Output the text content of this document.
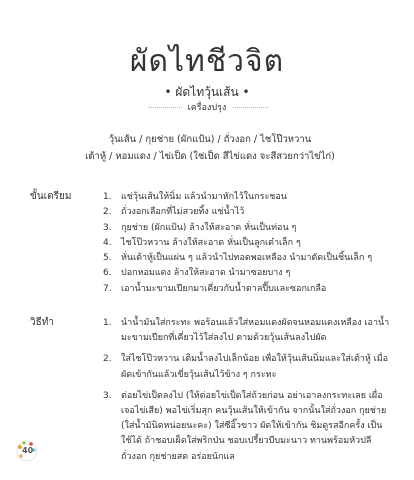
ผัดไทชีวจิต
• ผัดไทวุ้นเส้น •
เครื่องปรุง
วุ้นเส้น / กุยช่าย (ผักแป้น) / ถั่วงอก / ไชโป๊วหวาน
เต้าหู้ / หอมแดง / ไข่เป็ด (ใช่เป็ด สีไข่แดง จะสีสวยกว่าไข่ไก่)
ขั้นเตรียม	1.	แช่วุ้นเส้นให้นิ่ม แล้วนำมาหักไว้ในกระชอน
2.	ถั่วงอกเลือกที่ไม่สวยทิ้ง แช่น้ำไว้
3.	กุยช่าย (ผักแป้น) ล้างให้สะอาด หั่นเป็นท่อน ๆ
4.	ไชโป๊วหวาน ล้างให้สะอาด หั่นเป็นลูกเต๋าเล็ก ๆ
5.	หั่นเต้าหู้เป็นแผ่น ๆ แล้วนำไปทอดพอเหลือง นำมาตัดเป็นชิ้นเล็ก ๆ
6.	ปอกหอมแดง ล้างให้สะอาด นำมาซอยบาง ๆ
7.	เอาน้ำมะขามเปียกมาเคี่ยวกับน้ำตาลปี๊บและซอกเกลือ
วิธีทำ	1.	นำน้ำมันใส่กระทะ พอร้อนแล้วใส่หอมแดงผัดจนหอมแดงเหลือง เอาน้ำมะขามเปียกที่เคี่ยวไว้ใส่ลงไป ตามด้วยวุ้นเส้นลงไปผัด
2.	ใส่ไชโป๊วหวาน เติมน้ำลงไปเล็กน้อย เพื่อให้วุ้นเส้นนิ่มและใส่เต้าหู้ เมื่อผัดเข้ากันแล้วเขี่ยวุ้นเส้นไว้ข้าง ๆ กระทะ
3.	ต่อยไข่เป็ดลงไป (ให้ต่อยไข่เป็ดใส่ถ้วยก่อน อย่าเอาลงกระทะเลย เผื่อเจอไข่เสีย) พอไข่เริ่มสุก คนวุ้นเส้นให้เข้ากัน จากนั้นใส่ถั่วงอก กุยช่าย (ใส่น้ำมันิดหน่อยนะคะ) ใส่ซีอิ๊วขาว ผัดให้เข้ากัน ชิมดูรสอีกครั้ง เป็นใช้ได้ ถ้าชอบเผ็ดใส่พริกป่น ชอบเปรี้ยวบีบมะนาว ทานพร้อมหัวปลี ถั่วงอก กุยช่ายสด อร่อยนักแล
40
